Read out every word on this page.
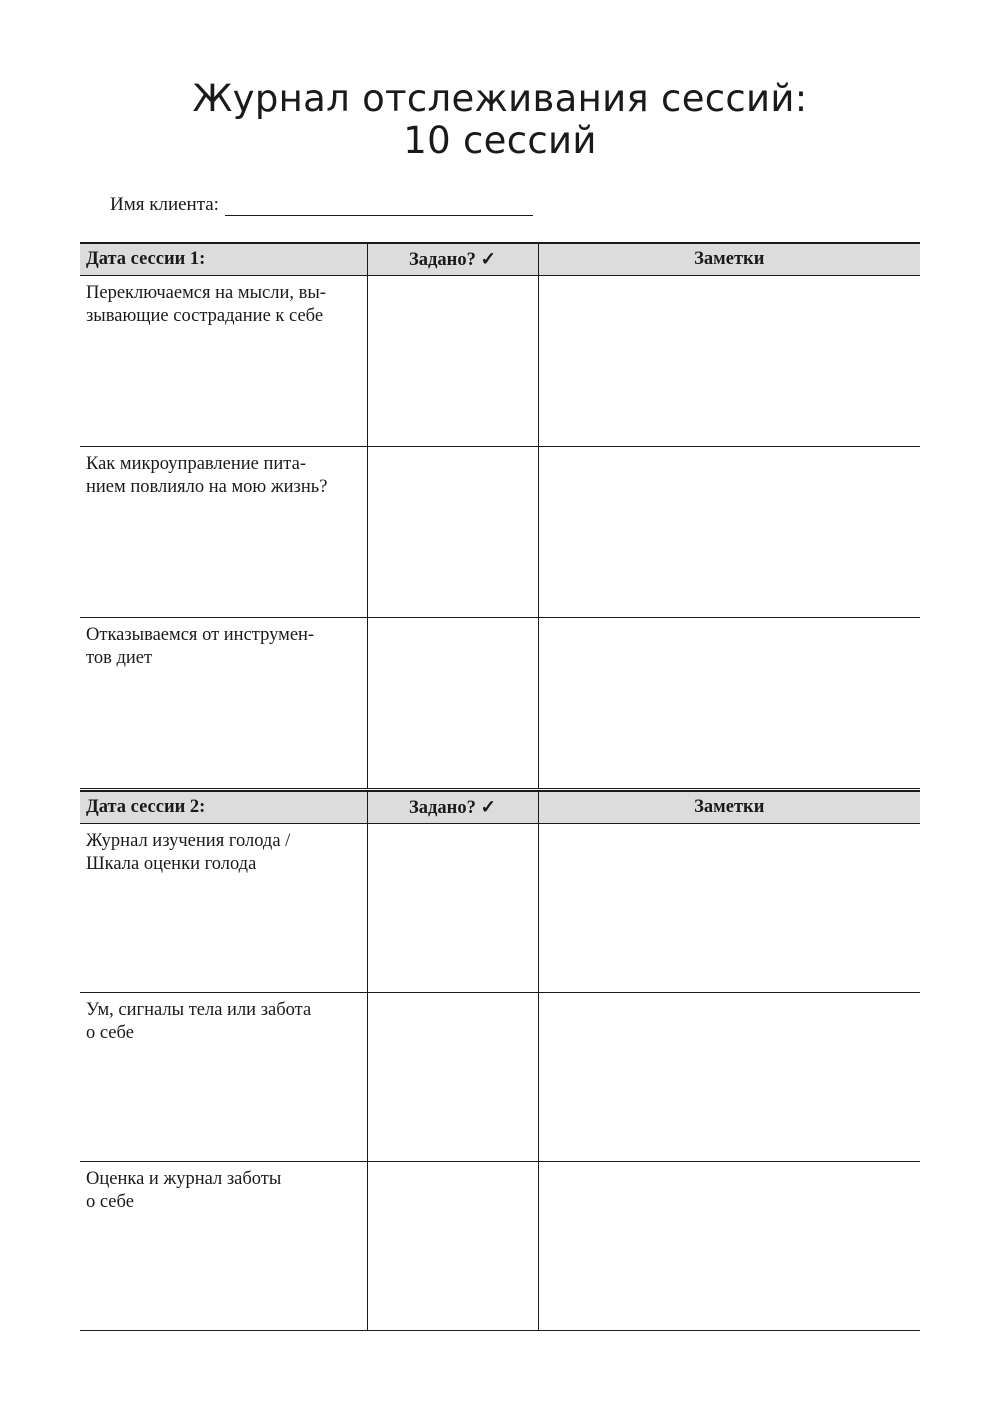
Журнал отслеживания сессий:
10 сессий
Имя клиента:
Дата сессии 1:	Задано? ✓	Заметки
Переключаемся на мысли, вы-
зывающие сострадание к себе		
Как микроуправление пита-
нием повлияло на мою жизнь?		
Отказываемся от инструмен-
тов диет		
Дата сессии 2:	Задано? ✓	Заметки
Журнал изучения голода /
Шкала оценки голода		
Ум, сигналы тела или забота
о себе		
Оценка и журнал заботы
о себе		
